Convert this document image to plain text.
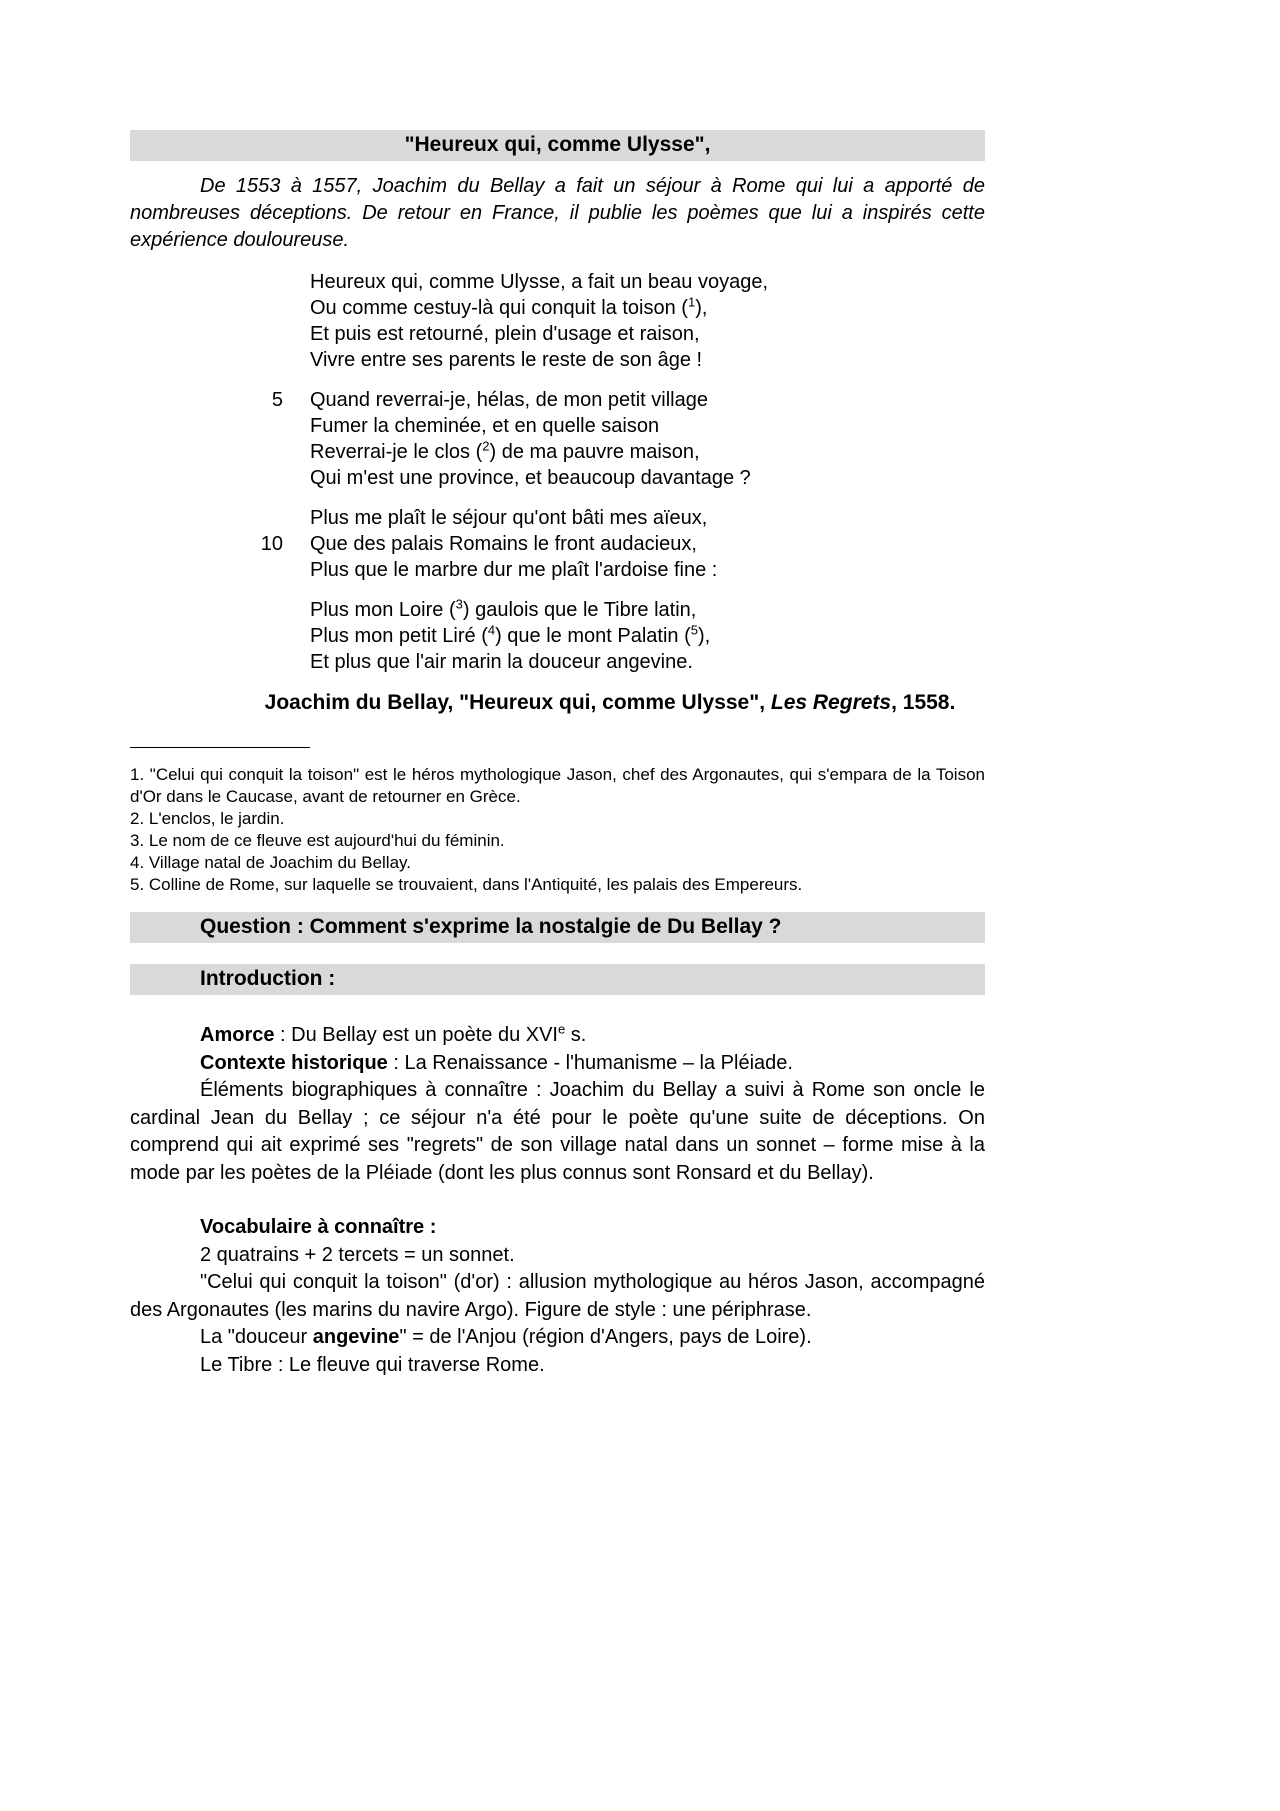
"Heureux qui, comme Ulysse",

De 1553 à 1557, Joachim du Bellay a fait un séjour à Rome qui lui a apporté de nombreuses déceptions. De retour en France, il publie les poèmes que lui a inspirés cette expérience douloureuse.

Heureux qui, comme Ulysse, a fait un beau voyage,
Ou comme cestuy-là qui conquit la toison ($^1$),
Et puis est retourné, plein d'usage et raison,
Vivre entre ses parents le reste de son âge !
5	Quand reverrai-je, hélas, de mon petit village
Fumer la cheminée, et en quelle saison
Reverrai-je le clos ($^2$) de ma pauvre maison,
Qui m'est une province, et beaucoup davantage ?
Plus me plaît le séjour qu'ont bâti mes aïeux,
10	Que des palais Romains le front audacieux,
Plus que le marbre dur me plaît l'ardoise fine :
Plus mon Loire ($^3$) gaulois que le Tibre latin,
Plus mon petit Liré ($^4$) que le mont Palatin ($^5$),
Et plus que l'air marin la douceur angevine.

Joachim du Bellay, "Heureux qui, comme Ulysse", Les Regrets, 1558.

1. "Celui qui conquit la toison" est le héros mythologique Jason, chef des Argonautes, qui s'empara de la Toison d'Or dans le Caucase, avant de retourner en Grèce.
2. L'enclos, le jardin.
3. Le nom de ce fleuve est aujourd'hui du féminin.
4. Village natal de Joachim du Bellay.
5. Colline de Rome, sur laquelle se trouvaient, dans l'Antiquité, les palais des Empereurs.
Question : Comment s'exprime la nostalgie de Du Bellay ?
Introduction :

Amorce : Du Bellay est un poète du XVIe s.

Contexte historique : La Renaissance - l'humanisme – la Pléiade.

Éléments biographiques à connaître : Joachim du Bellay a suivi à Rome son oncle le cardinal Jean du Bellay ; ce séjour n'a été pour le poète qu'une suite de déceptions. On comprend qui ait exprimé ses "regrets" de son village natal dans un sonnet – forme mise à la mode par les poètes de la Pléiade (dont les plus connus sont Ronsard et du Bellay).

Vocabulaire à connaître :

2 quatrains + 2 tercets = un sonnet.

"Celui qui conquit la toison" (d'or) : allusion mythologique au héros Jason, accompagné des Argonautes (les marins du navire Argo). Figure de style : une périphrase.

La "douceur angevine" = de l'Anjou (région d'Angers, pays de Loire).

Le Tibre : Le fleuve qui traverse Rome.
